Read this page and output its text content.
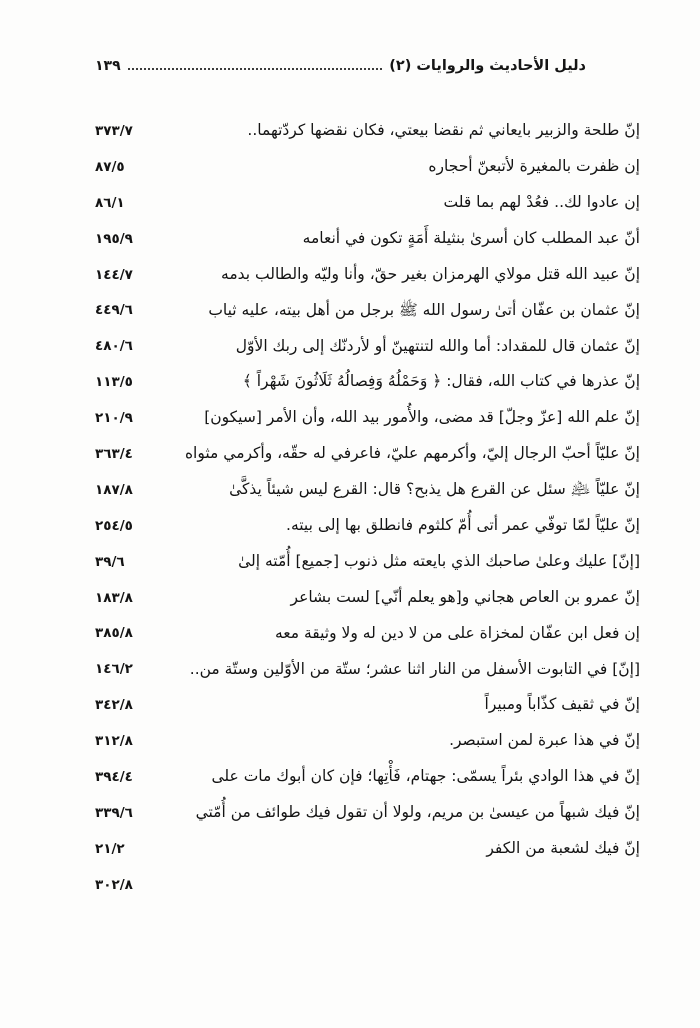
دليل الأحاديث والروايات (٢)
١٣٩
إنّ طلحة والزبير بايعاني ثم نقضا بيعتي، فكان نقضها كردّتهما..
٣٧٣/٧
إن ظفرت بالمغيرة لأتبعنّ أحجاره
٨٧/٥
إن عادوا لك.. فعُدْ لهم بما قلت
٨٦/١
أنّ عبد المطلب كان أسرىٰ بنثيلة أَمَةٍ تكون في أنعامه
١٩٥/٩
إنّ عبيد الله قتل مولاي الهرمزان بغير حقّ، وأنا وليّه والطالب بدمه
١٤٤/٧
إنّ عثمان بن عفّان أتىٰ رسول الله ﷺ برجل من أهل بيته، عليه ثياب
٤٤٩/٦
إنّ عثمان قال للمقداد: أما والله لتنتهينّ أو لأردنّك إلى ربك الأوّل
٤٨٠/٦
إنّ عذرها في كتاب الله، فقال: ﴿ وَحَمْلُهُ وَفِصالُهُ ثَلَاثُونَ شَهْراً ﴾
١١٣/٥
إنّ علم الله [عزّ وجلّ] قد مضى، والأُمور بيد الله، وأن الأمر [سيكون]
٢١٠/٩
إنّ عليّاً أحبّ الرجال إليّ، وأكرمهم عليّ، فاعرفي له حقّه، وأكرمي مثواه
٣٦٣/٤
إنّ عليّاً ﵇ سئل عن القرع هل يذبح؟ قال: القرع ليس شيئاً يذكَّىٰ
١٨٧/٨
إنّ عليّاً لمّا توفّي عمر أتى أُمّ كلثوم فانطلق بها إلى بيته.
٢٥٤/٥
[إنّ] عليك وعلىٰ صاحبك الذي بايعته مثل ذنوب [جميع] أُمّته إلىٰ
٣٩/٦
إنّ عمرو بن العاص هجاني و[هو يعلم أنّي] لست بشاعر
١٨٣/٨
إن فعل ابن عفّان لمخزاة على من لا دين له ولا وثيقة معه
٣٨٥/٨
[إنّ] في التابوت الأسفل من النار اثنا عشر؛ ستّة من الأوّلين وستّة من..
١٤٦/٢
إنّ في ثقيف كذّاباً ومبيراً
٣٤٢/٨
إنّ في هذا عبرة لمن استبصر.
٣١٢/٨
إنّ في هذا الوادي بئراً يسمّى: جهتام، فَأْتِها؛ فإن كان أبوك مات على
٣٩٤/٤
إنّ فيك شبهاً من عيسىٰ بن مريم، ولولا أن تقول فيك طوائف من أُمّتي
٣٣٩/٦
إنّ فيك لشعبة من الكفر
٢١/٢
٣٠٢/٨
